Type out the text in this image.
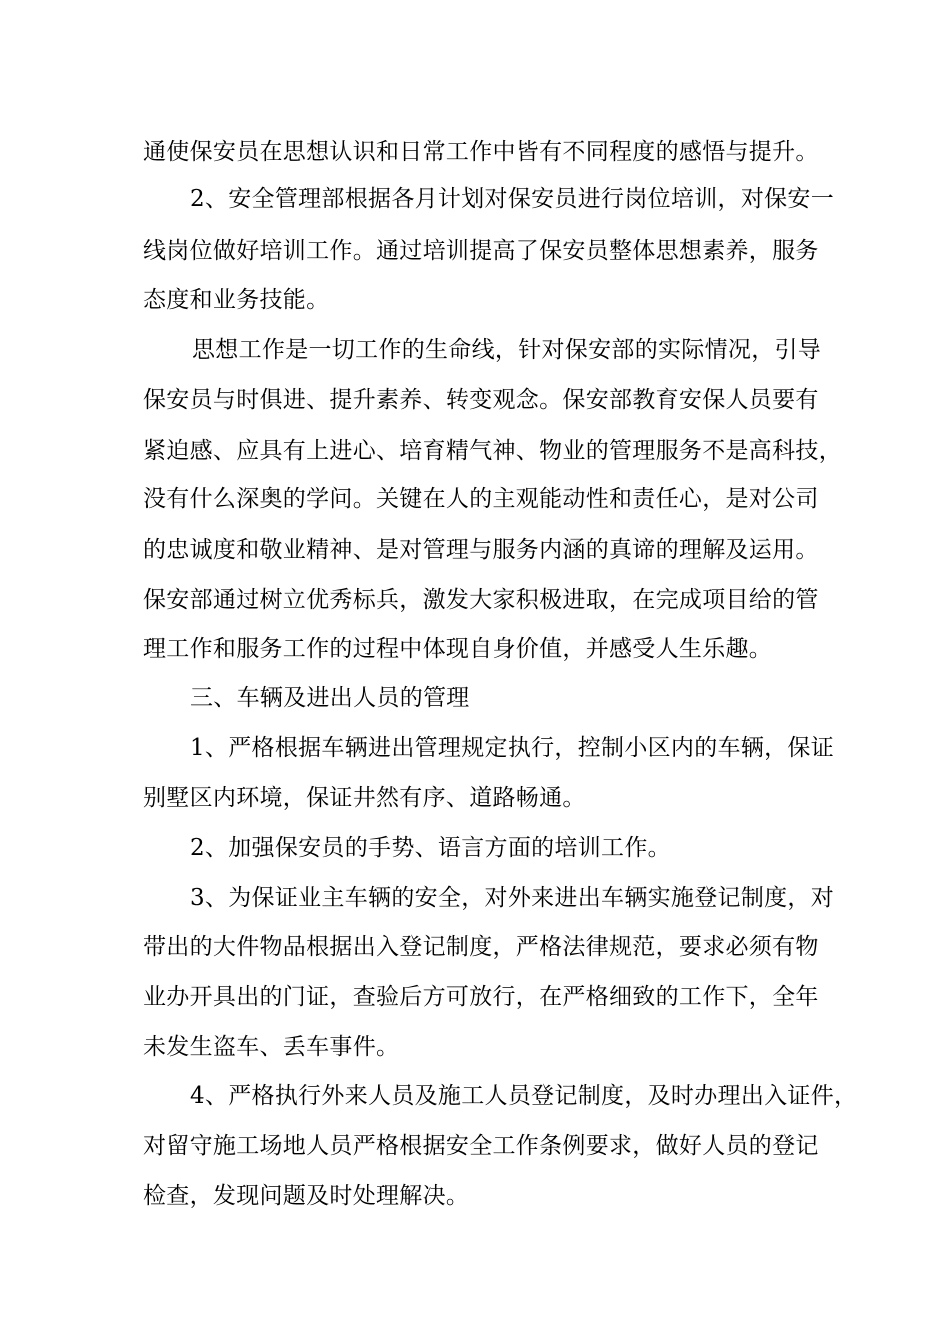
通使保安员在思想认识和日常工作中皆有不同程度的感悟与提升。

2、安全管理部根据各月计划对保安员进行岗位培训，对保安一

线岗位做好培训工作。通过培训提高了保安员整体思想素养，服务

态度和业务技能。

思想工作是一切工作的生命线，针对保安部的实际情况，引导

保安员与时俱进、提升素养、转变观念。保安部教育安保人员要有

紧迫感、应具有上进心、培育精气神、物业的管理服务不是高科技，

没有什么深奥的学问。关键在人的主观能动性和责任心，是对公司

的忠诚度和敬业精神、是对管理与服务内涵的真谛的理解及运用。

保安部通过树立优秀标兵，激发大家积极进取，在完成项目给的管

理工作和服务工作的过程中体现自身价值，并感受人生乐趣。

三、车辆及进出人员的管理

1、严格根据车辆进出管理规定执行，控制小区内的车辆，保证

别墅区内环境，保证井然有序、道路畅通。

2、加强保安员的手势、语言方面的培训工作。

3、为保证业主车辆的安全，对外来进出车辆实施登记制度，对

带出的大件物品根据出入登记制度，严格法律规范，要求必须有物

业办开具出的门证，查验后方可放行，在严格细致的工作下，全年

未发生盗车、丢车事件。

4、严格执行外来人员及施工人员登记制度，及时办理出入证件，

对留守施工场地人员严格根据安全工作条例要求，做好人员的登记

检查，发现问题及时处理解决。
